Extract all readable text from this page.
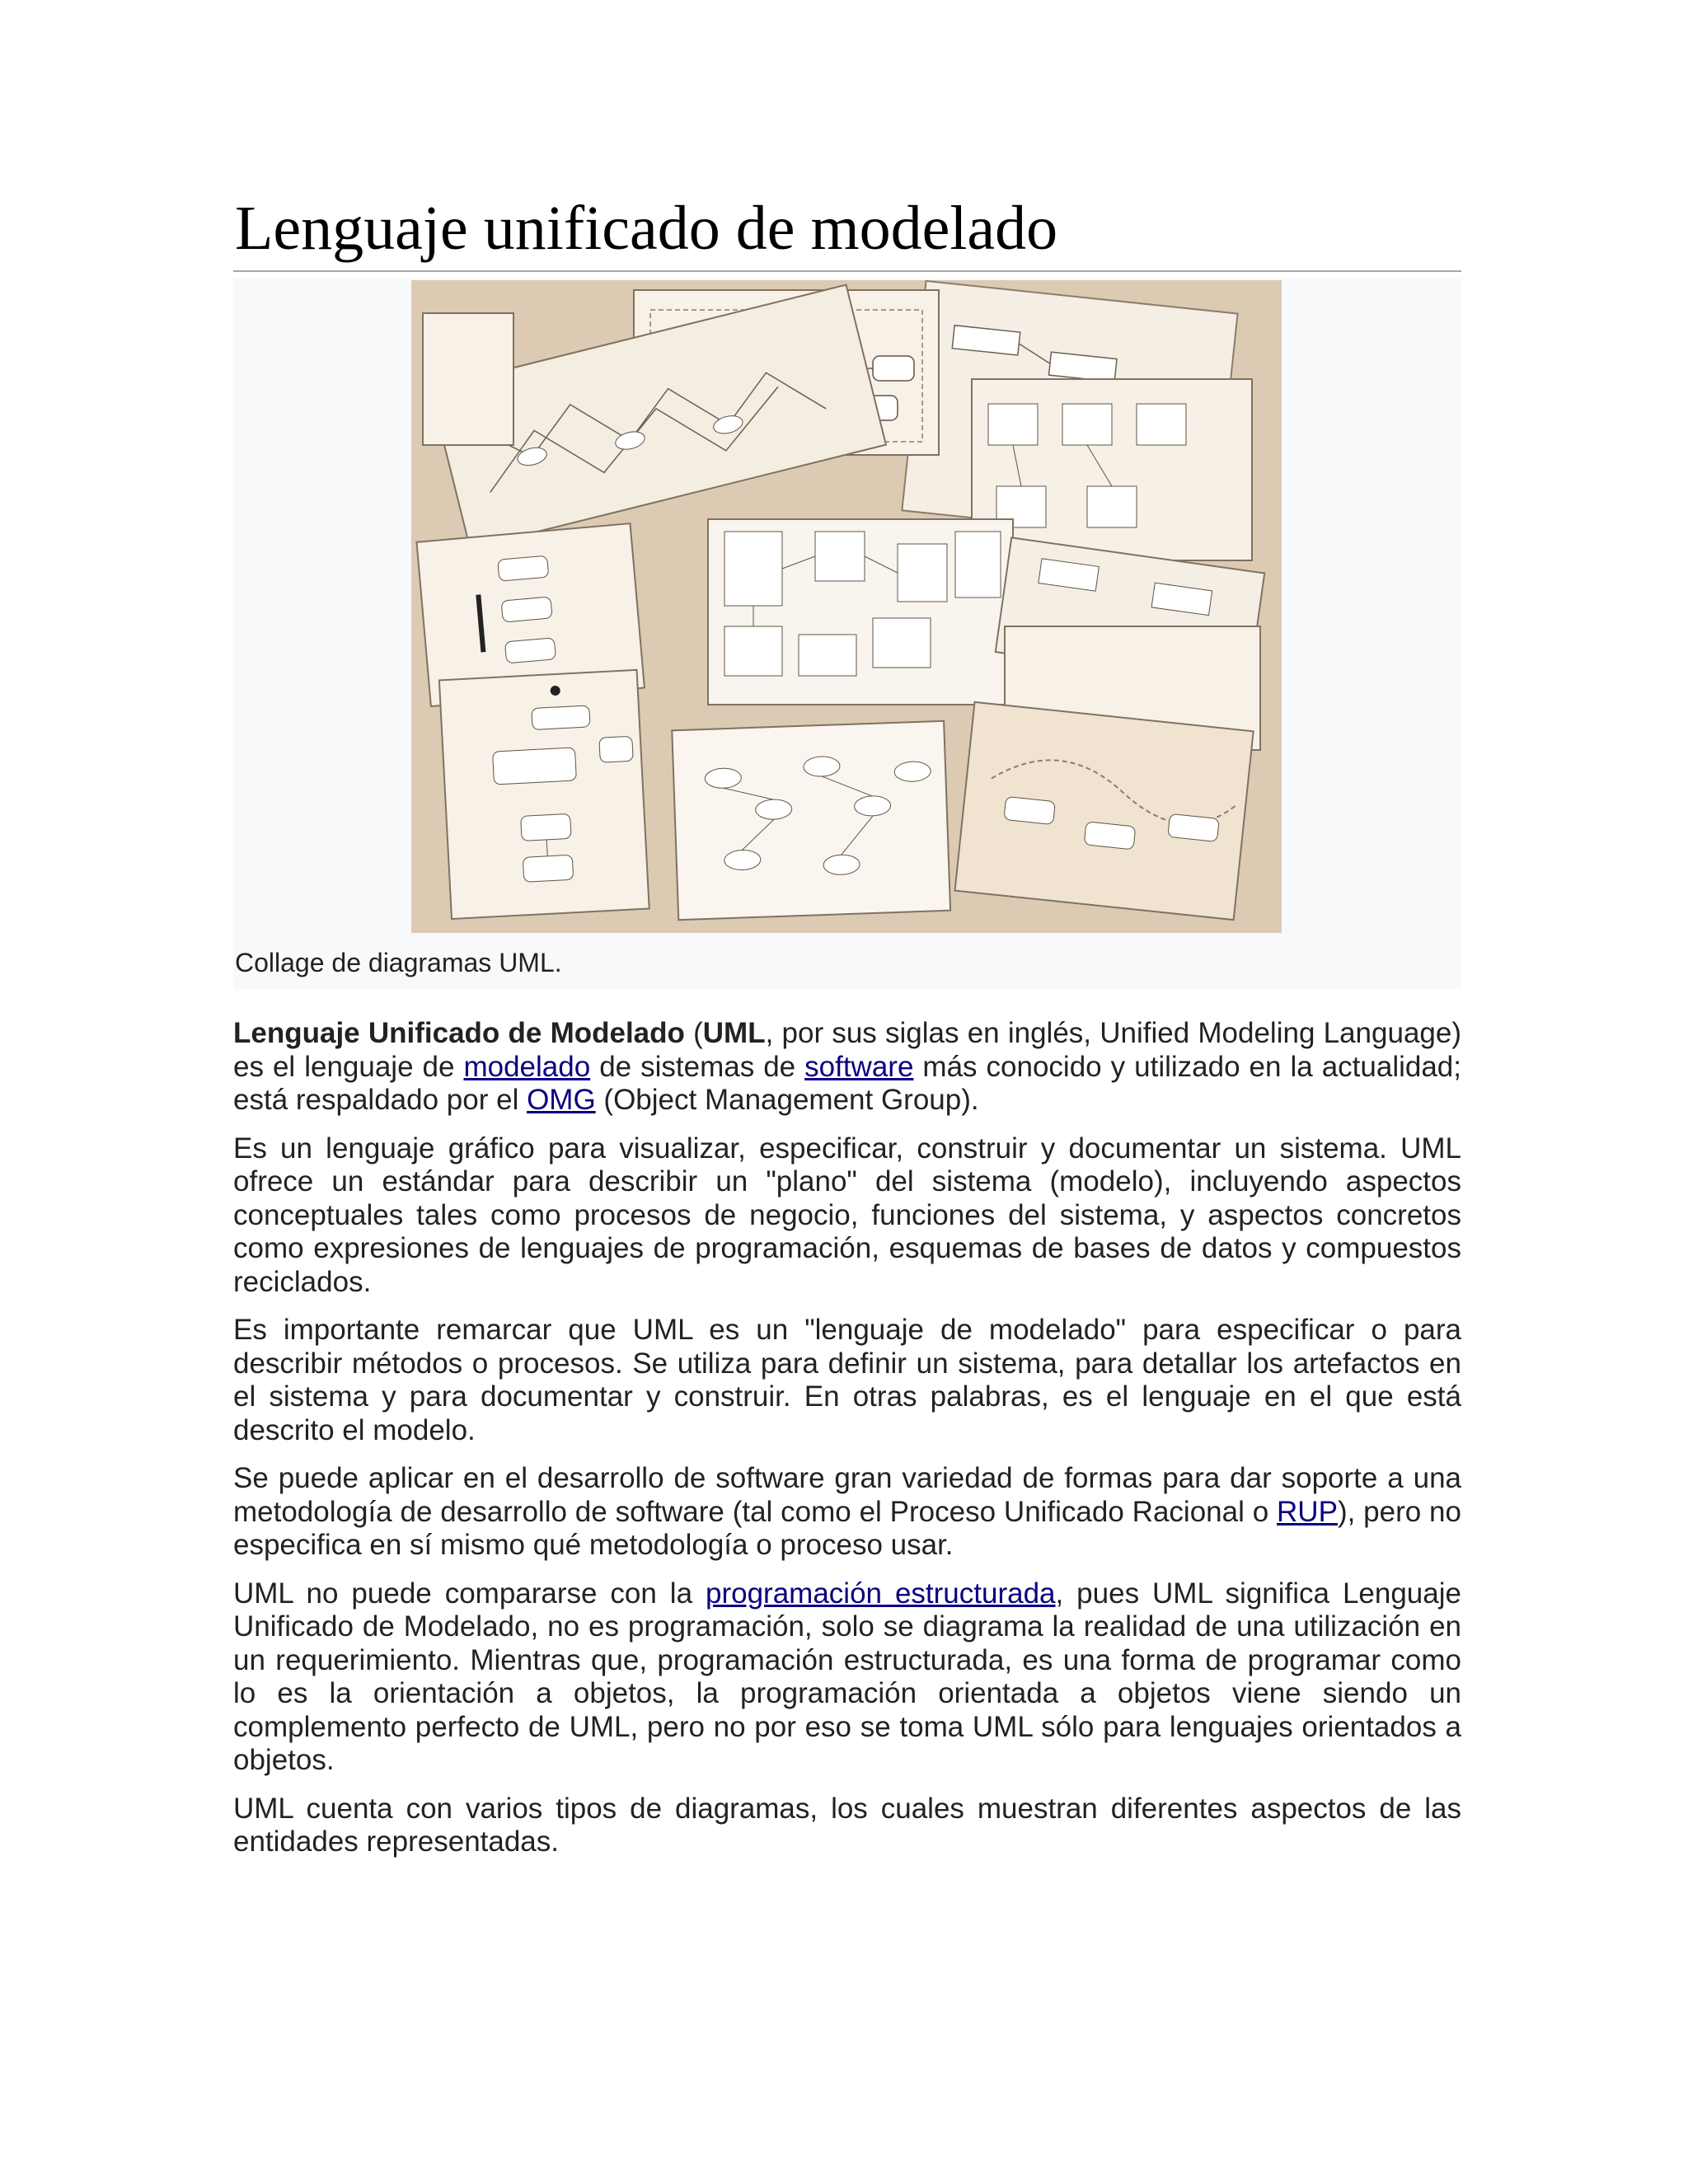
Lenguaje unificado de modelado
Collage de diagramas UML.

Lenguaje Unificado de Modelado (UML, por sus siglas en inglés, Unified Modeling Language) es el lenguaje de modelado de sistemas de software más conocido y utilizado en la actualidad; está respaldado por el OMG (Object Management Group).

Es un lenguaje gráfico para visualizar, especificar, construir y documentar un sistema. UML ofrece un estándar para describir un "plano" del sistema (modelo), incluyendo aspectos conceptuales tales como procesos de negocio, funciones del sistema, y aspectos concretos como expresiones de lenguajes de programación, esquemas de bases de datos y compuestos reciclados.

Es importante remarcar que UML es un "lenguaje de modelado" para especificar o para describir métodos o procesos. Se utiliza para definir un sistema, para detallar los artefactos en el sistema y para documentar y construir. En otras palabras, es el lenguaje en el que está descrito el modelo.

Se puede aplicar en el desarrollo de software gran variedad de formas para dar soporte a una metodología de desarrollo de software (tal como el Proceso Unificado Racional o RUP), pero no especifica en sí mismo qué metodología o proceso usar.

UML no puede compararse con la programación estructurada, pues UML significa Lenguaje Unificado de Modelado, no es programación, solo se diagrama la realidad de una utilización en un requerimiento. Mientras que, programación estructurada, es una forma de programar como lo es la orientación a objetos, la programación orientada a objetos viene siendo un complemento perfecto de UML, pero no por eso se toma UML sólo para lenguajes orientados a objetos.

UML cuenta con varios tipos de diagramas, los cuales muestran diferentes aspectos de las entidades representadas.
